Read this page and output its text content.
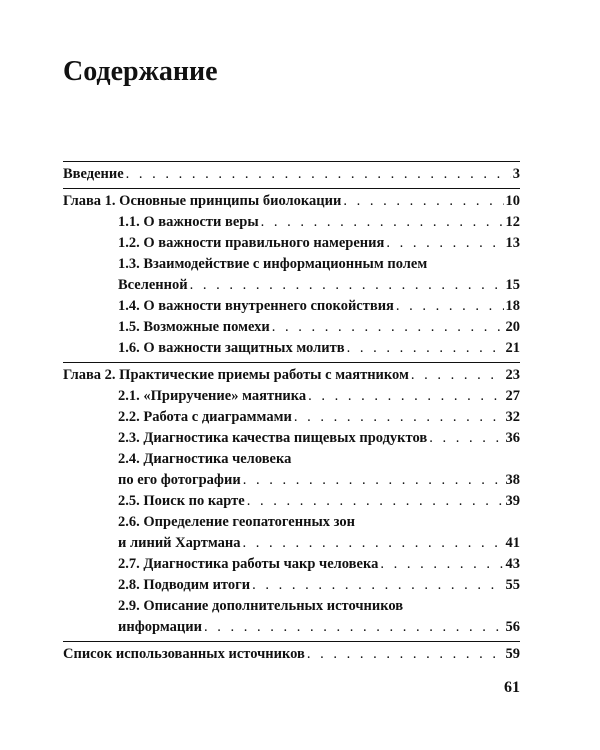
Содержание
Введение . . .	3
Глава 1. Основные принципы биолокации . . .	10
1.1. О важности веры . . .	12
1.2. О важности правильного намерения . . .	13
1.3. Взаимодействие с информационным полем
Вселенной . . .	15
1.4. О важности внутреннего спокойствия . . .	18
1.5. Возможные помехи . . .	20
1.6. О важности защитных молитв . . .	21
Глава 2. Практические приемы работы с маятником . . .	23
2.1. «Приручение» маятника . . .	27
2.2. Работа с диаграммами . . .	32
2.3. Диагностика качества пищевых продуктов . . .	36
2.4. Диагностика человека
по его фотографии . . .	38
2.5. Поиск по карте . . .	39
2.6. Определение геопатогенных зон
и линий Хартмана . . .	41
2.7. Диагностика работы чакр человека . . .	43
2.8. Подводим итоги . . .	55
2.9. Описание дополнительных источников
информации . . .	56
Список использованных источников . . .	59
61
